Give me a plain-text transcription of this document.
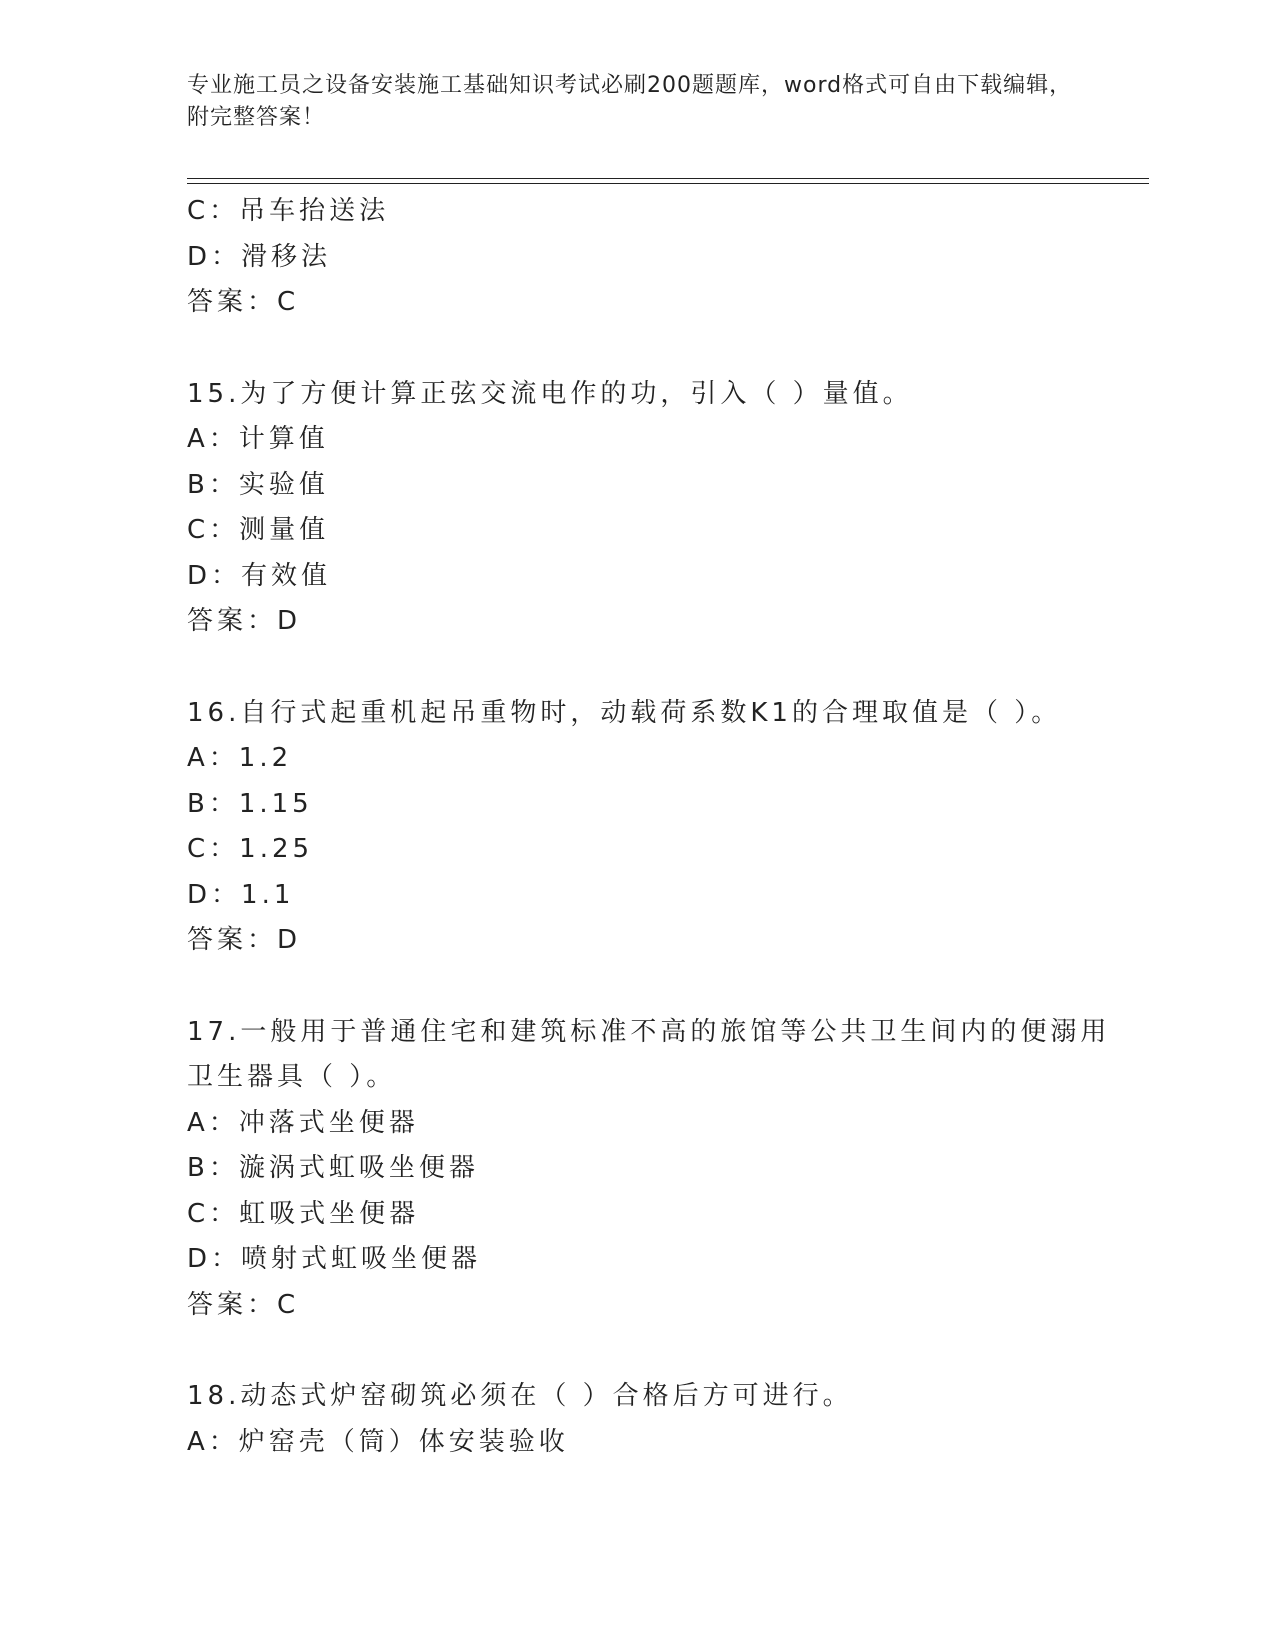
专业施工员之设备安装施工基础知识考试必刷200题题库，word格式可自由下载编辑，附完整答案！
C：吊车抬送法
D：滑移法
答案：C
15.为了方便计算正弦交流电作的功，引入（ ）量值。
A：计算值
B：实验值
C：测量值
D：有效值
答案：D
16.自行式起重机起吊重物时，动载荷系数K1的合理取值是（ ）。
A：1.2
B：1.15
C：1.25
D：1.1
答案：D
17.一般用于普通住宅和建筑标准不高的旅馆等公共卫生间内的便溺用
卫生器具（ ）。
A：冲落式坐便器
B：漩涡式虹吸坐便器
C：虹吸式坐便器
D：喷射式虹吸坐便器
答案：C
18.动态式炉窑砌筑必须在（ ）合格后方可进行。
A：炉窑壳（筒）体安装验收
